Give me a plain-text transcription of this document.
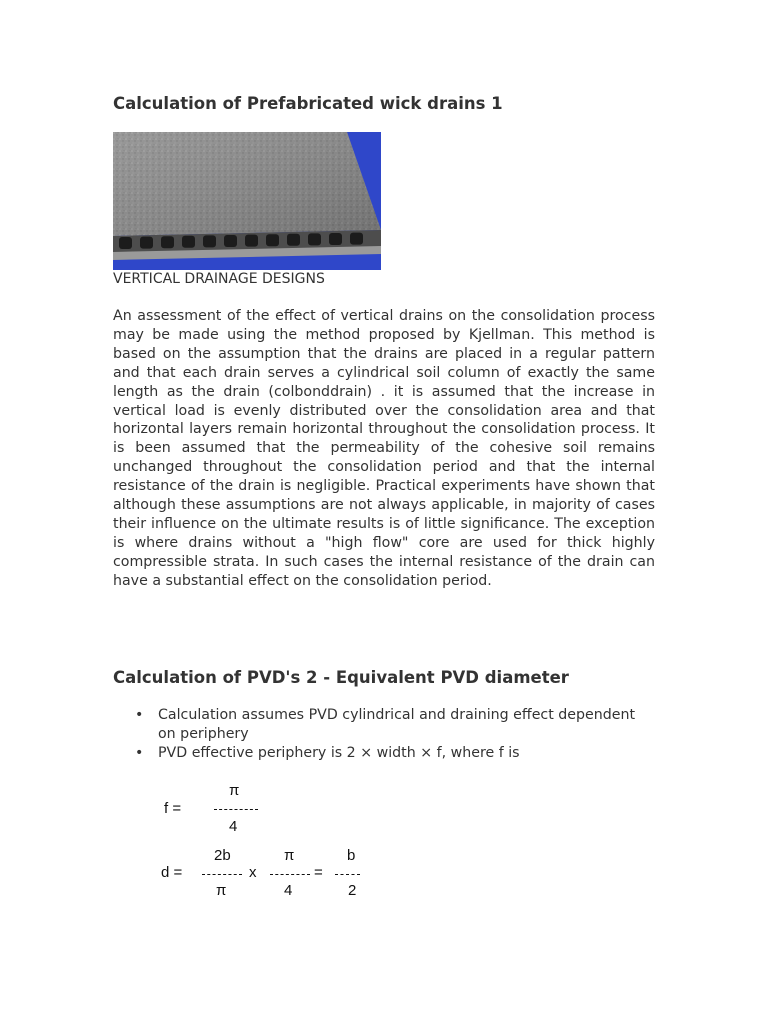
Calculation of Prefabricated wick drains 1
VERTICAL DRAINAGE DESIGNS

An assessment of the effect of vertical drains on the consolidation process may be made using the method proposed by Kjellman. This method is based on the assumption that the drains are placed in a regular pattern and that each drain serves a cylindrical soil column of exactly the same length as the drain (colbonddrain) . it is assumed that the increase in vertical load is evenly distributed over the consolidation area and that horizontal layers remain horizontal throughout the consolidation process. It is been assumed that the permeability of the cohesive soil remains unchanged throughout the consolidation period and that the internal resistance of the drain is negligible. Practical experiments have shown that although these assumptions are not always applicable, in majority of cases their influence on the ultimate results is of little significance. The exception is where drains without a "high flow" core are used for thick highly compressible strata. In such cases the internal resistance of the drain can have a substantial effect on the consolidation period.

Calculation of PVD's 2 - Equivalent PVD diameter
• Calculation assumes PVD cylindrical and draining effect dependent on periphery
• PVD effective periphery is 2 × width × f, where f is
f =
π
4
d =
2b
π
x
π
4
=
b
2
